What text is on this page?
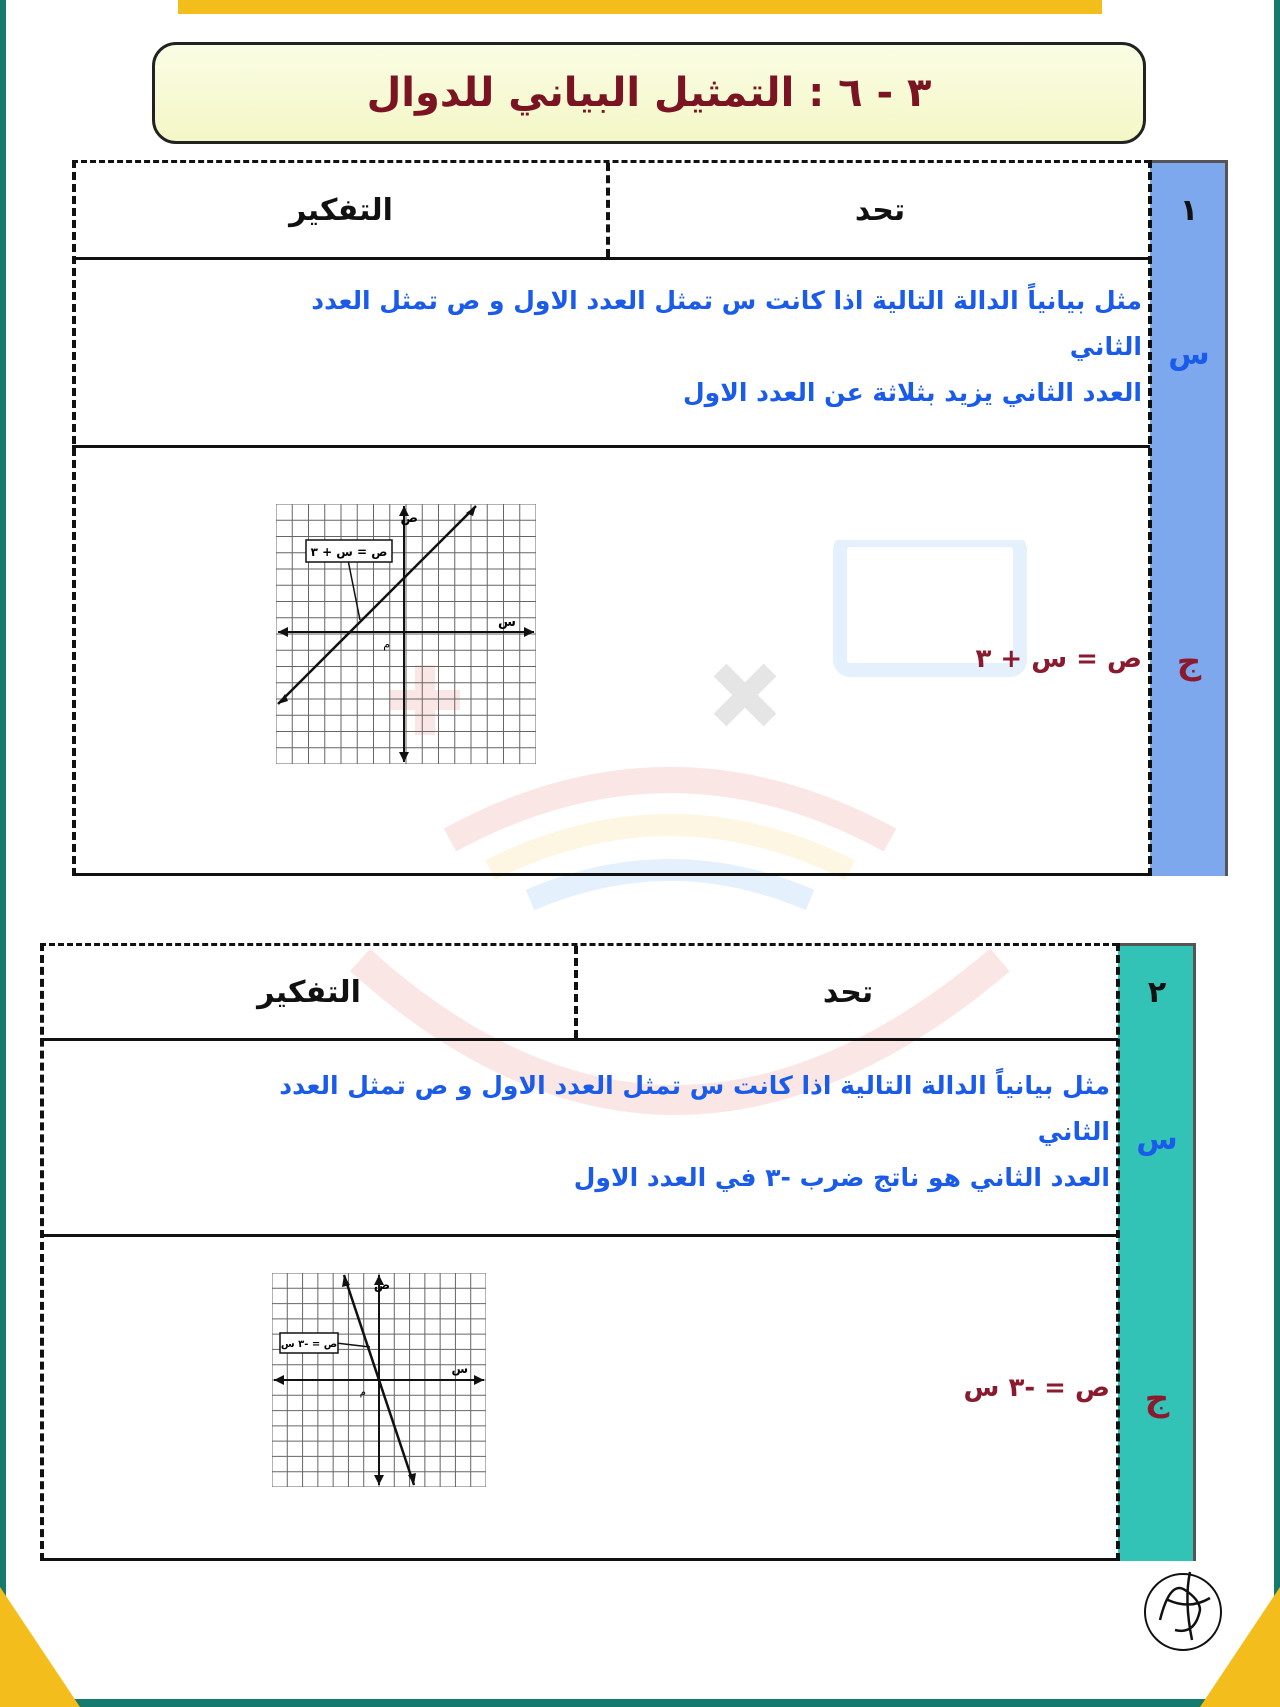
٣ - ٦ : التمثيل البياني للدوال
تحد
التفكير	١
مثل بيانياً الدالة التالية اذا كانت س تمثل العدد الاول و ص تمثل العدد
الثاني
العدد الثاني يزيد بثلاثة عن العدد الاول
س
ص = س + ٣
ص = س + ٣
ص
س
م	ج
تحد
التفكير	٢
مثل بيانياً الدالة التالية اذا كانت س تمثل العدد الاول و ص تمثل العدد
الثاني
العدد الثاني هو ناتج ضرب -٣ في العدد الاول
س
ص = -٣ س
ص = -٣ س
ص
س
م	ج
